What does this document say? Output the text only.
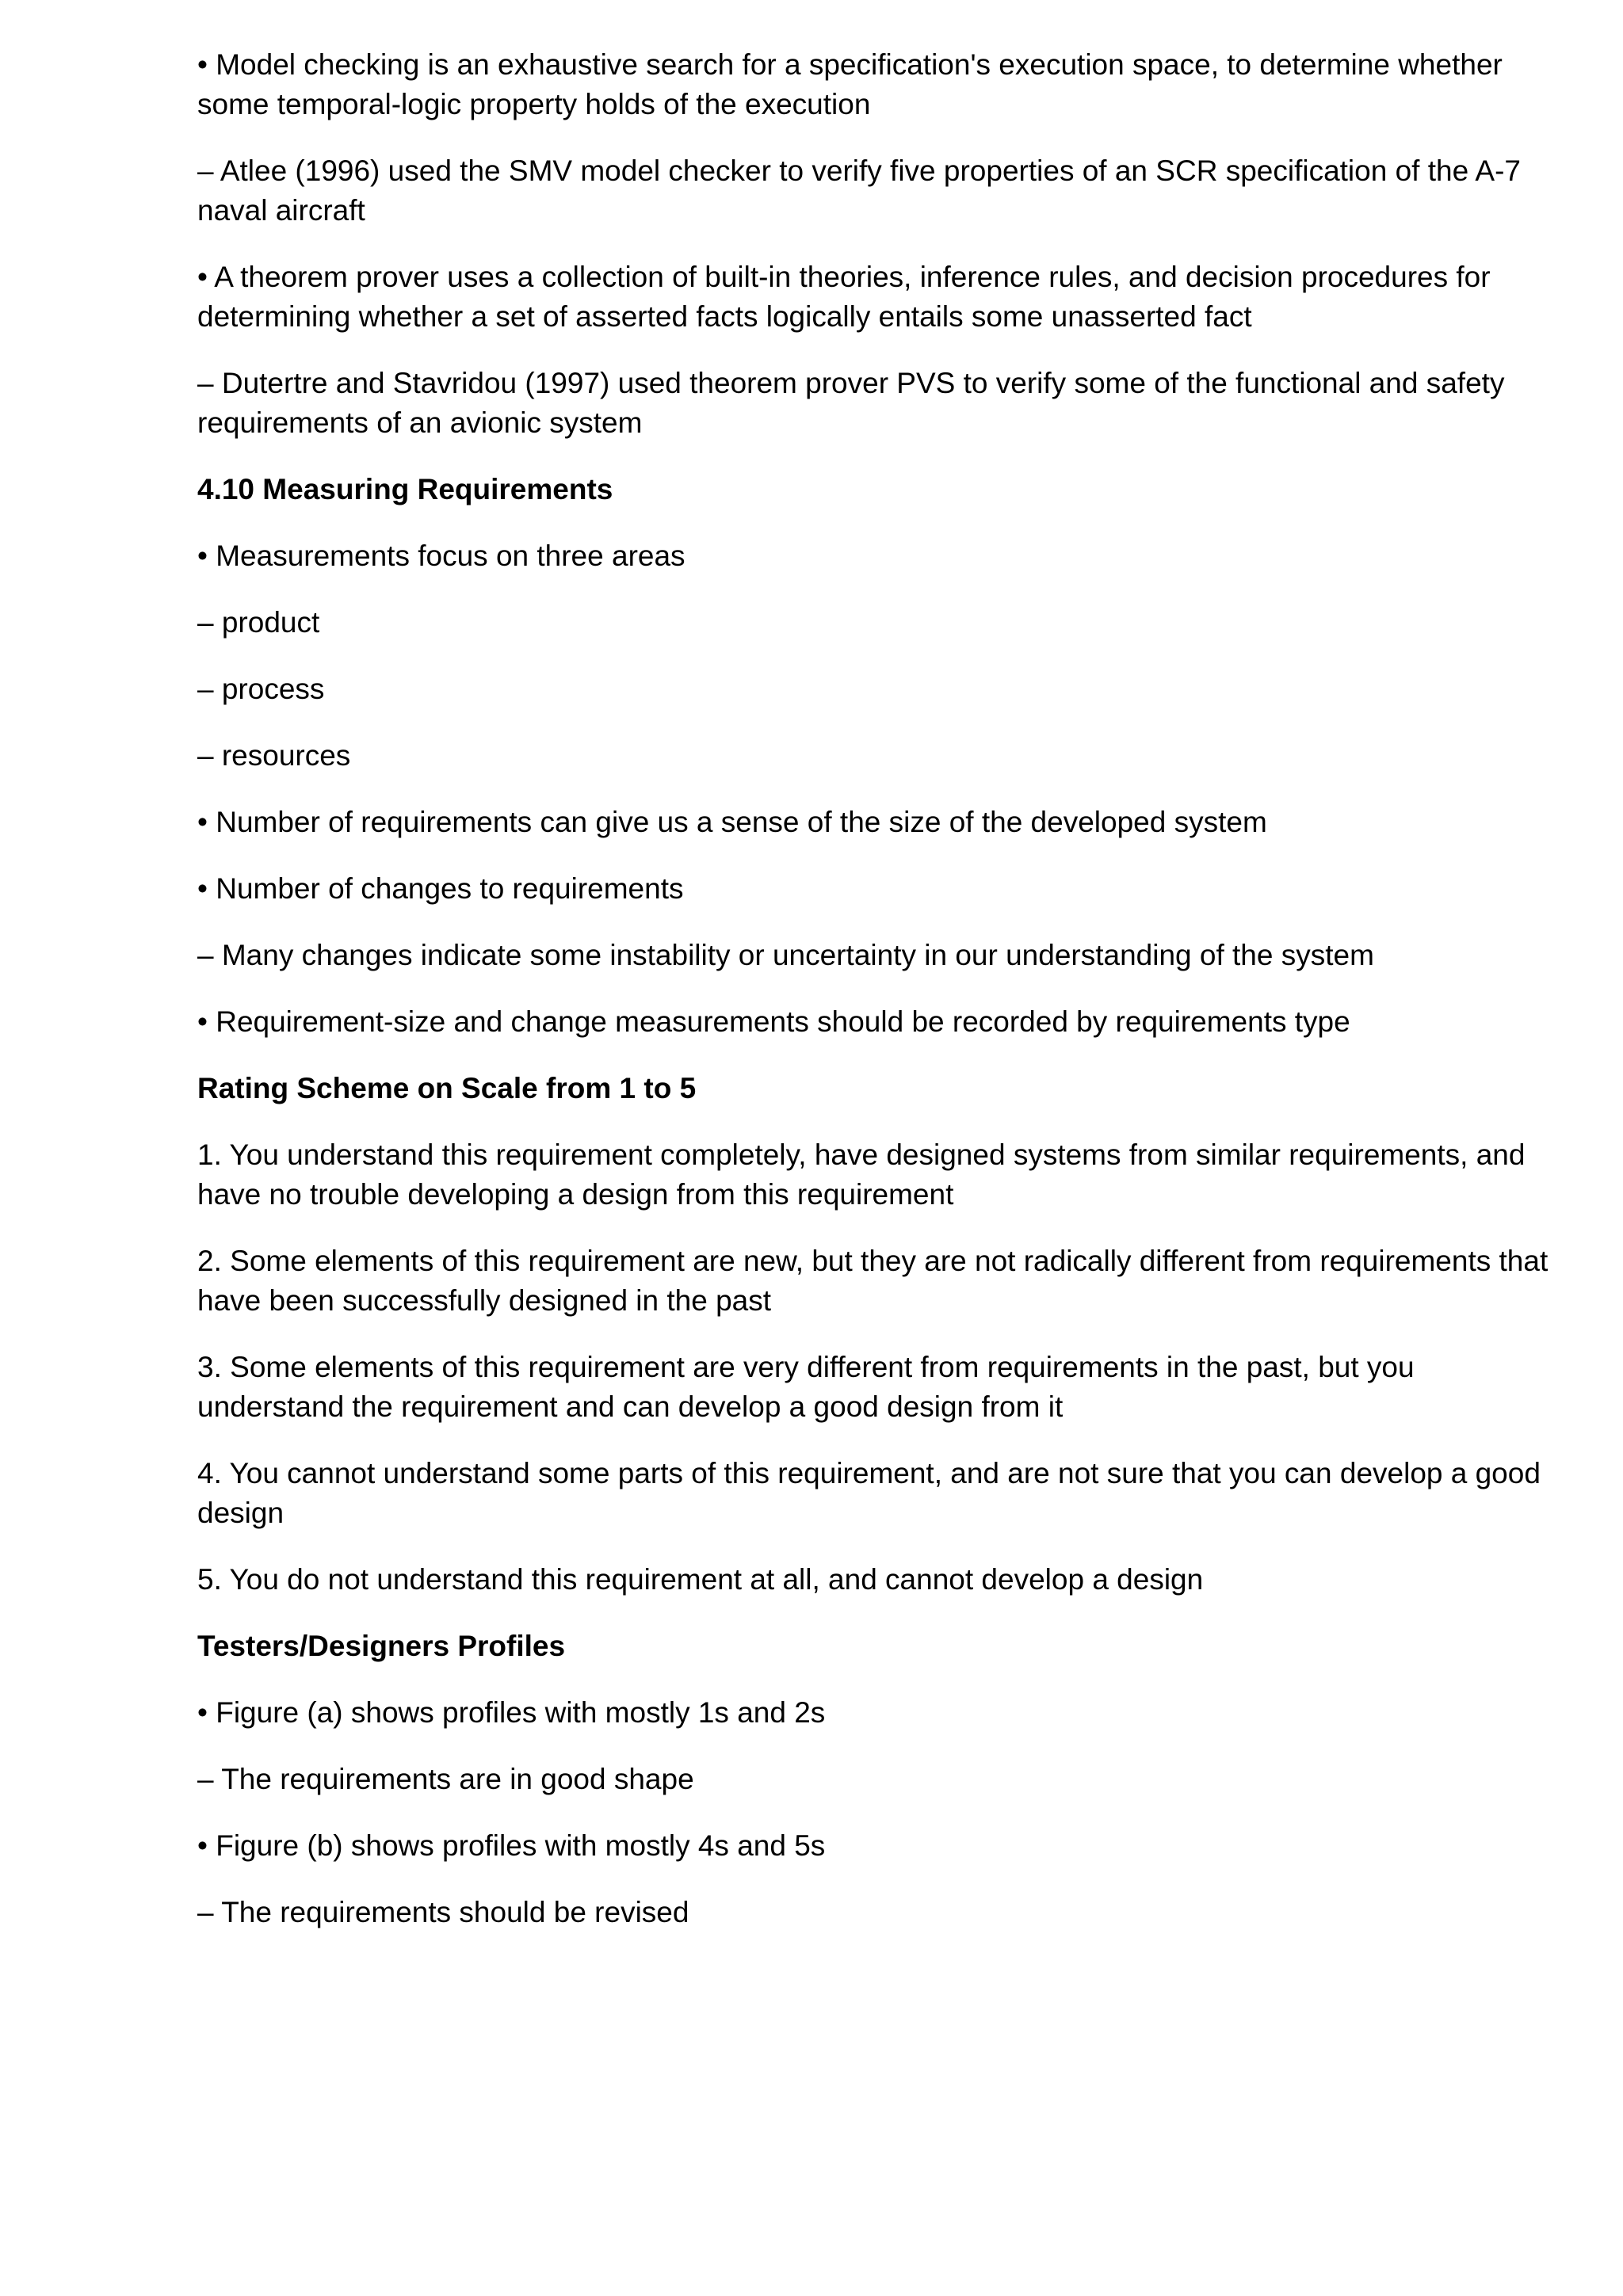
• Model checking is an exhaustive search for a specification's execution space, to determine whether some temporal-logic property holds of the execution

– Atlee (1996) used the SMV model checker to verify five properties of an SCR specification of the A-7 naval aircraft

• A theorem prover uses a collection of built-in theories, inference rules, and decision procedures for determining whether a set of asserted facts logically entails some unasserted fact

– Dutertre and Stavridou (1997) used theorem prover PVS to verify some of the functional and safety  requirements of an avionic system

4.10 Measuring Requirements

• Measurements focus on three areas

– product

– process

– resources

• Number of requirements can give us a sense of the size of the developed system

• Number of changes to requirements

– Many changes indicate some instability or uncertainty in our understanding of the system

• Requirement-size and change measurements should be recorded by requirements type

Rating Scheme on Scale from 1 to 5

1. You understand this requirement completely, have designed systems from similar requirements, and have no trouble developing a design from this requirement

2. Some elements of this requirement are new, but they are not radically different from requirements that have been successfully designed in the past

3. Some elements of this requirement are very different from requirements in the past, but you understand the requirement and can develop a good design from it

4. You cannot understand some parts of this requirement, and are not sure that you can develop a good design

5. You do not understand this requirement at all, and cannot develop a design

Testers/Designers Profiles

• Figure (a) shows profiles with mostly 1s and 2s

– The requirements are in good shape

• Figure (b) shows profiles with mostly 4s and 5s

– The requirements should be revised
